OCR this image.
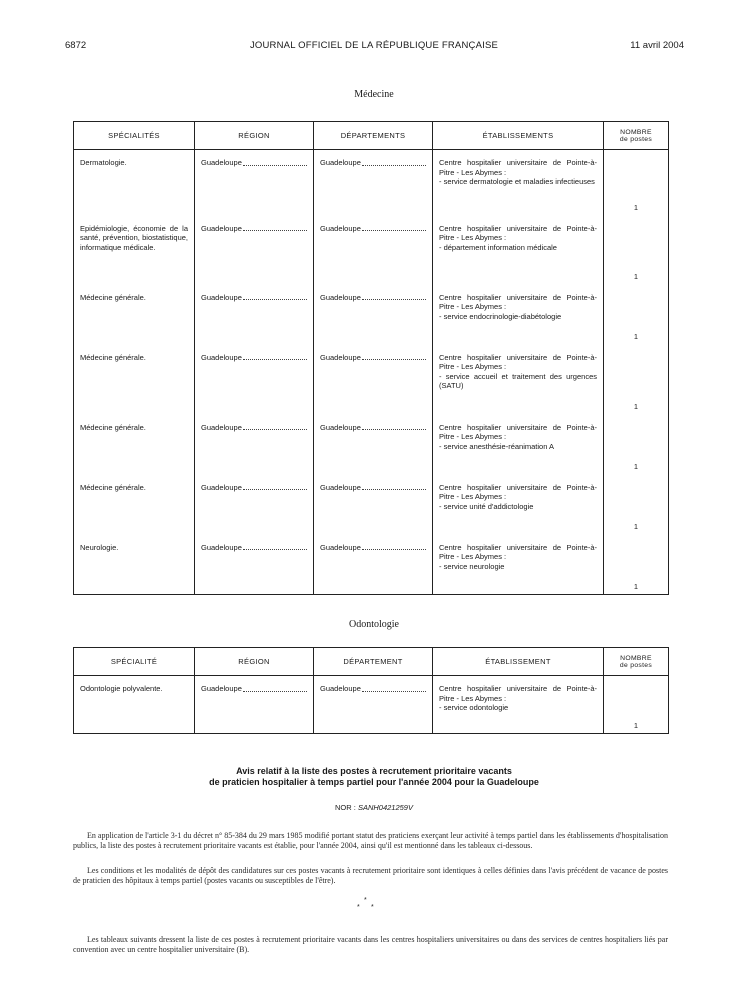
6872	JOURNAL OFFICIEL DE LA RÉPUBLIQUE FRANÇAISE	11 avril 2004
Médecine
SPÉCIALITÉS	RÉGION	DÉPARTEMENTS	ÉTABLISSEMENTS	NOMBRE
de postes

Dermatologie.	Guadeloupe	Guadeloupe	Centre hospitalier universitaire de Pointe-à-Pitre - Les Abymes :
- service dermatologie et maladies infectieuses	1

Epidémiologie, économie de la santé, prévention, biostatistique, informatique médicale.	Guadeloupe	Guadeloupe	Centre hospitalier universitaire de Pointe-à-Pitre - Les Abymes :
- département information médicale	1

Médecine générale.	Guadeloupe	Guadeloupe	Centre hospitalier universitaire de Pointe-à-Pitre - Les Abymes :
- service endocrinologie-diabétologie	1

Médecine générale.	Guadeloupe	Guadeloupe	Centre hospitalier universitaire de Pointe-à-Pitre - Les Abymes :
- service accueil et traitement des urgences (SATU)	1

Médecine générale.	Guadeloupe	Guadeloupe	Centre hospitalier universitaire de Pointe-à-Pitre - Les Abymes :
- service anesthésie-réanimation A	1

Médecine générale.	Guadeloupe	Guadeloupe	Centre hospitalier universitaire de Pointe-à-Pitre - Les Abymes :
- service unité d'addictologie	1

Neurologie.	Guadeloupe	Guadeloupe	Centre hospitalier universitaire de Pointe-à-Pitre - Les Abymes :
- service neurologie	1
Odontologie
SPÉCIALITÉ	RÉGION	DÉPARTEMENT	ÉTABLISSEMENT	NOMBRE
de postes

Odontologie polyvalente.	Guadeloupe	Guadeloupe	Centre hospitalier universitaire de Pointe-à-Pitre - Les Abymes :
- service odontologie	1
Avis relatif à la liste des postes à recrutement prioritaire vacants
de praticien hospitalier à temps partiel pour l'année 2004 pour la Guadeloupe
NOR : SANH0421259V
En application de l'article 3-1 du décret n° 85-384 du 29 mars 1985 modifié portant statut des praticiens exerçant leur activité à temps partiel dans les établissements d'hospitalisation publics, la liste des postes à recrutement prioritaire vacants est établie, pour l'année 2004, ainsi qu'il est mentionné dans les tableaux ci-dessous.
Les conditions et les modalités de dépôt des candidatures sur ces postes vacants à recrutement prioritaire sont identiques à celles définies dans l'avis précédent de vacance de postes de praticien des hôpitaux à temps partiel (postes vacants ou susceptibles de l'être).
*
* *
Les tableaux suivants dressent la liste de ces postes à recrutement prioritaire vacants dans les centres hospitaliers universitaires ou dans des services de centres hospitaliers liés par convention avec un centre hospitalier universitaire (B).
